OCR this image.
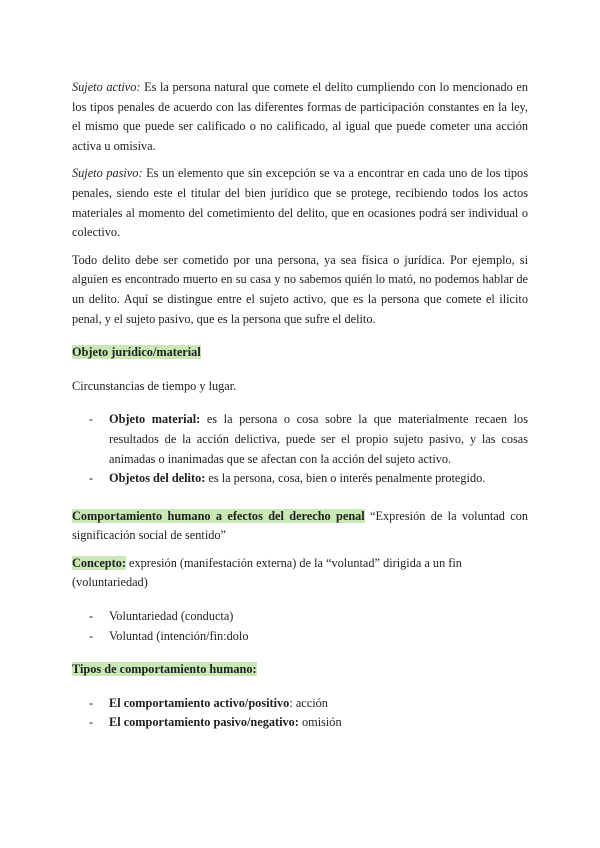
Sujeto activo: Es la persona natural que comete el delito cumpliendo con lo mencionado en los tipos penales de acuerdo con las diferentes formas de participación constantes en la ley, el mismo que puede ser calificado o no calificado, al igual que puede cometer una acción activa u omisiva.

Sujeto pasivo: Es un elemento que sin excepción se va a encontrar en cada uno de los tipos penales, siendo este el titular del bien jurídico que se protege, recibiendo todos los actos materiales al momento del cometimiento del delito, que en ocasiones podrá ser individual o colectivo.

Todo delito debe ser cometido por una persona, ya sea física o jurídica. Por ejemplo, si alguien es encontrado muerto en su casa y no sabemos quién lo mató, no podemos hablar de un delito. Aquí se distingue entre el sujeto activo, que es la persona que comete el ilícito penal, y el sujeto pasivo, que es la persona que sufre el delito.

Objeto jurídico/material

Circunstancias de tiempo y lugar.

- Objeto material: es la persona o cosa sobre la que materialmente recaen los resultados de la acción delictiva, puede ser el propio sujeto pasivo, y las cosas animadas o inanimadas que se afectan con la acción del sujeto activo.
- Objetos del delito: es la persona, cosa, bien o interés penalmente protegido.

Comportamiento humano a efectos del derecho penal “Expresión de la voluntad con significación social de sentido”

Concepto: expresión (manifestación externa) de la “voluntad” dirigida a un fin (voluntariedad)

- Voluntariedad (conducta)
- Voluntad (intención/fin:dolo

Tipos de comportamiento humano:

- El comportamiento activo/positivo: acción
- El comportamiento pasivo/negativo: omisión
